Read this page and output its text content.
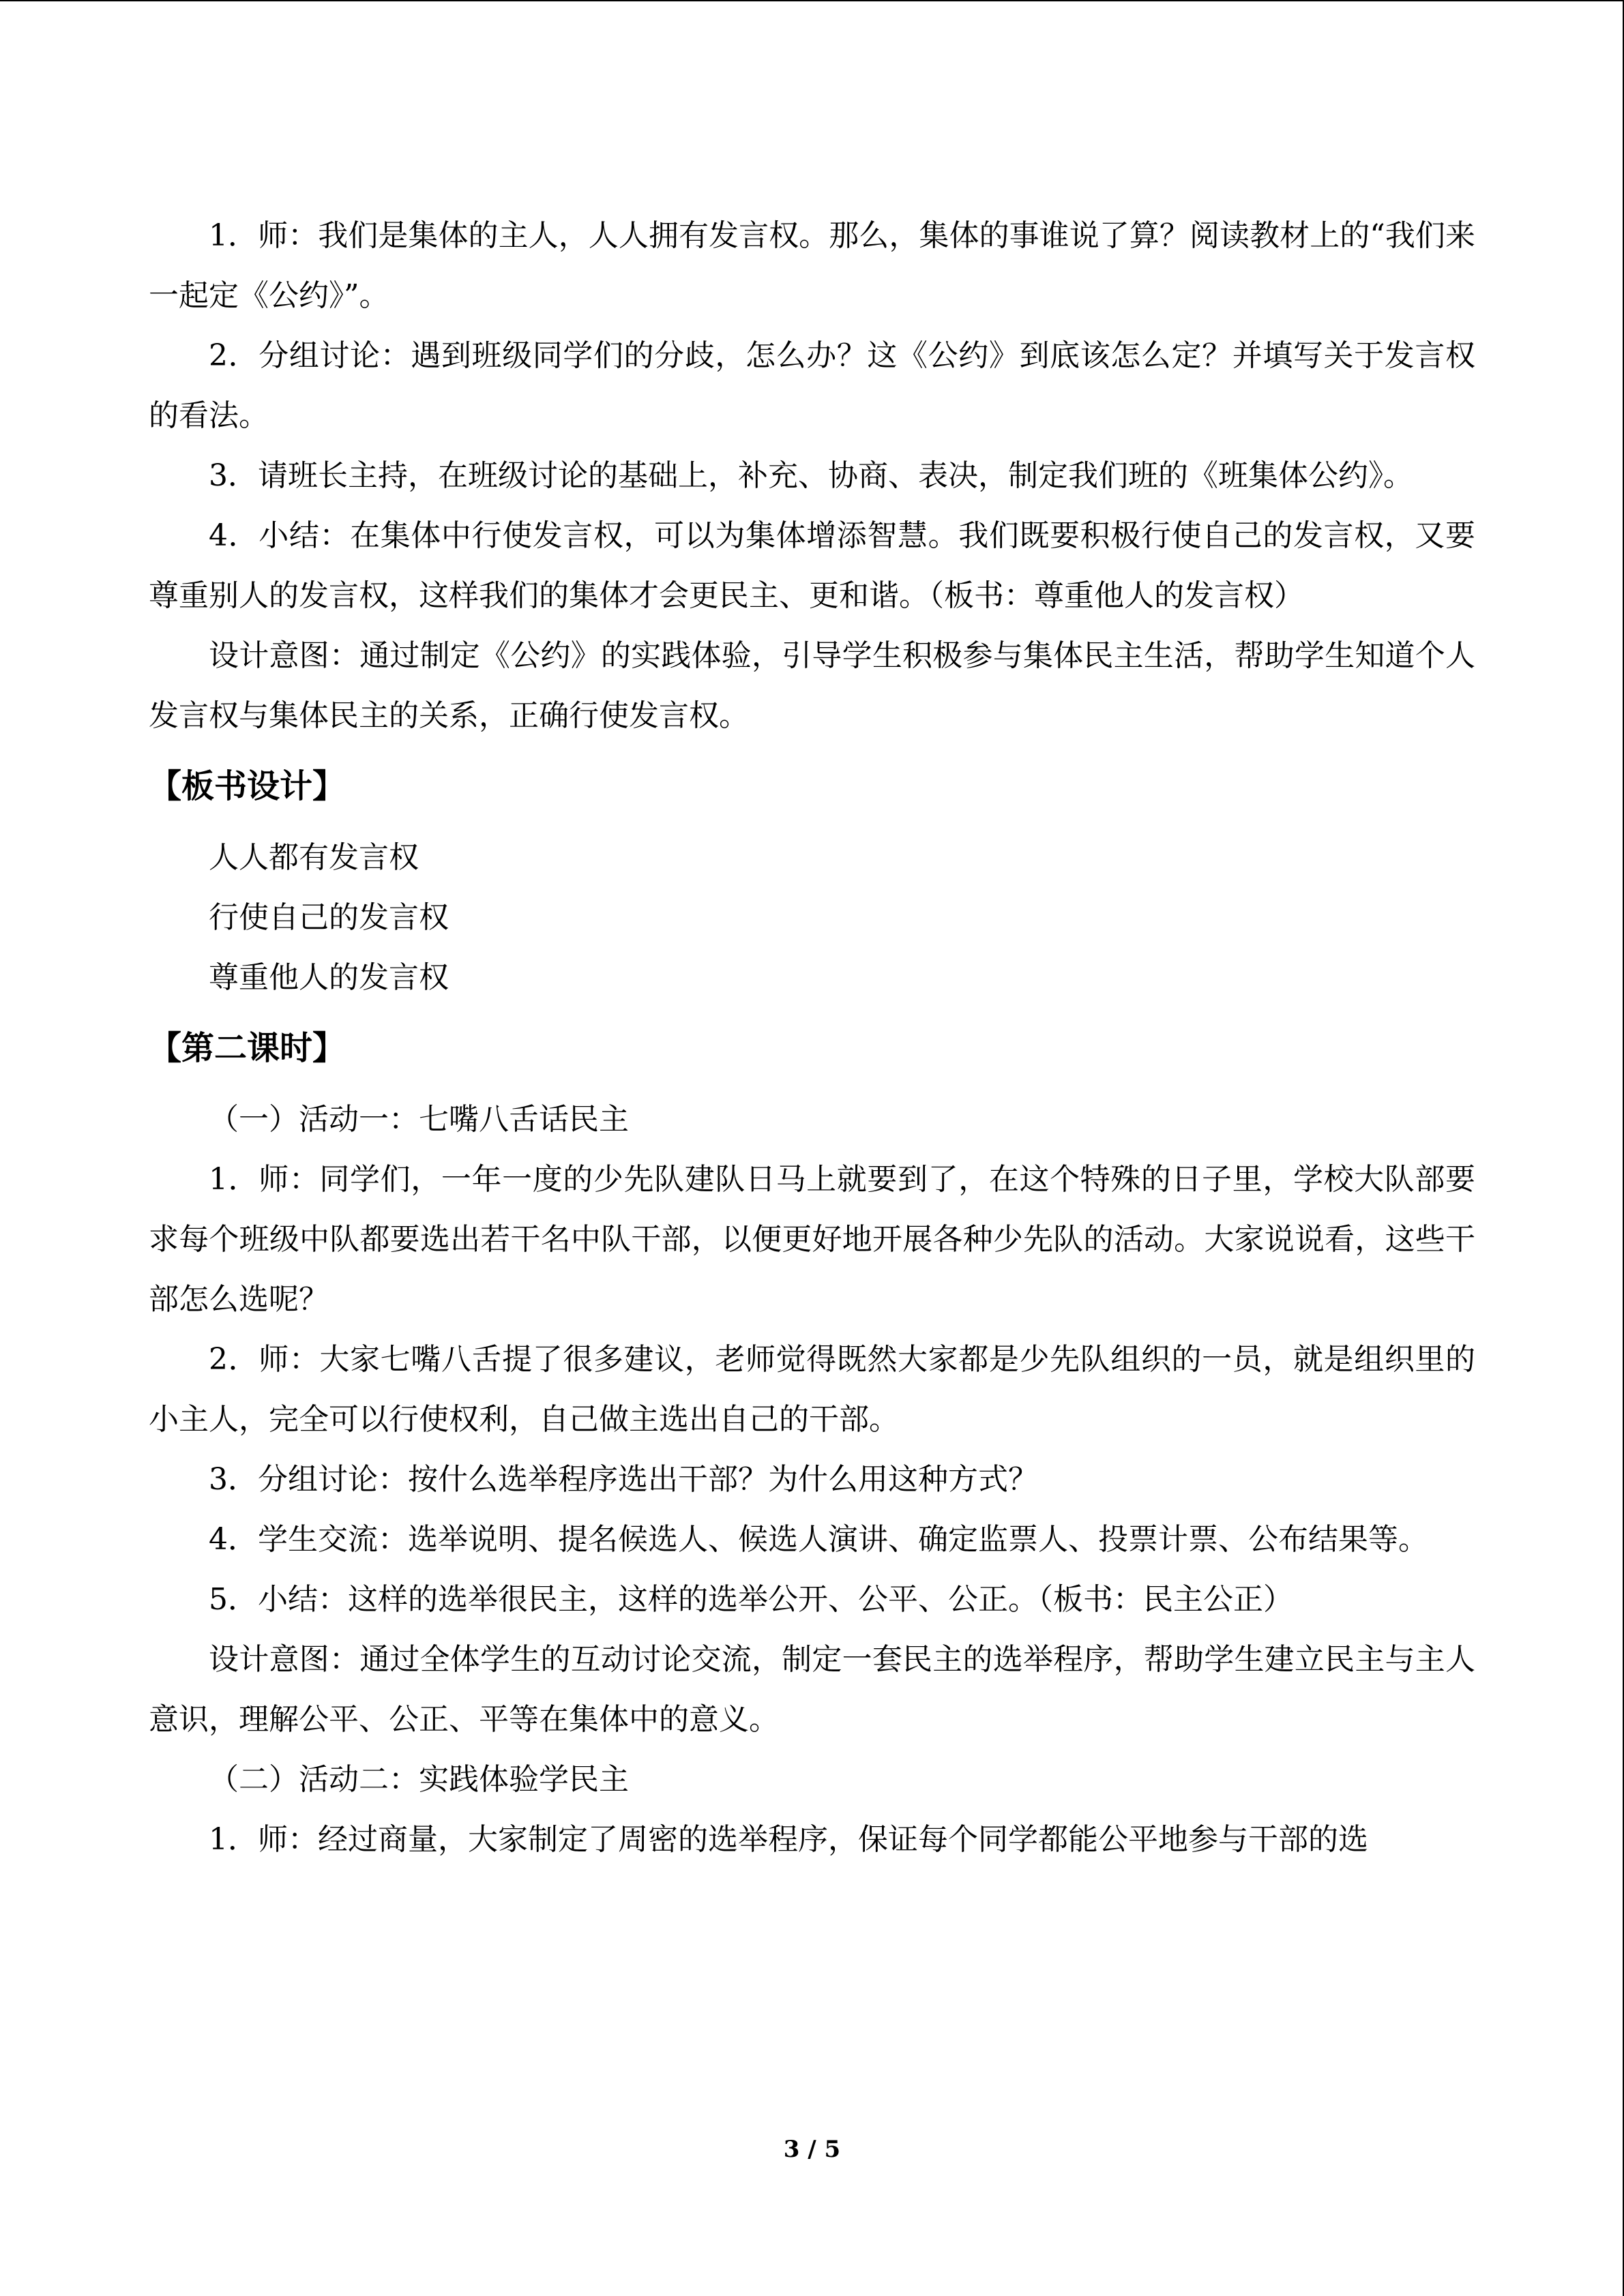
1．师：我们是集体的主人，人人拥有发言权。那么，集体的事谁说了算？阅读教材上的“我们来一起定《公约》”。

2．分组讨论：遇到班级同学们的分歧，怎么办？这《公约》到底该怎么定？并填写关于发言权的看法。

3．请班长主持，在班级讨论的基础上，补充、协商、表决，制定我们班的《班集体公约》。

4．小结：在集体中行使发言权，可以为集体增添智慧。我们既要积极行使自己的发言权，又要尊重别人的发言权，这样我们的集体才会更民主、更和谐。（板书：尊重他人的发言权）

设计意图：通过制定《公约》的实践体验，引导学生积极参与集体民主生活，帮助学生知道个人发言权与集体民主的关系，正确行使发言权。

【板书设计】

人人都有发言权

行使自己的发言权

尊重他人的发言权

【第二课时】

（一）活动一：七嘴八舌话民主

1．师：同学们，一年一度的少先队建队日马上就要到了，在这个特殊的日子里，学校大队部要求每个班级中队都要选出若干名中队干部，以便更好地开展各种少先队的活动。大家说说看，这些干部怎么选呢？

2．师：大家七嘴八舌提了很多建议，老师觉得既然大家都是少先队组织的一员，就是组织里的小主人，完全可以行使权利，自己做主选出自己的干部。

3．分组讨论：按什么选举程序选出干部？为什么用这种方式？

4．学生交流：选举说明、提名候选人、候选人演讲、确定监票人、投票计票、公布结果等。

5．小结：这样的选举很民主，这样的选举公开、公平、公正。（板书：民主公正）

设计意图：通过全体学生的互动讨论交流，制定一套民主的选举程序，帮助学生建立民主与主人意识，理解公平、公正、平等在集体中的意义。

（二）活动二：实践体验学民主

1．师：经过商量，大家制定了周密的选举程序，保证每个同学都能公平地参与干部的选

3 / 5
